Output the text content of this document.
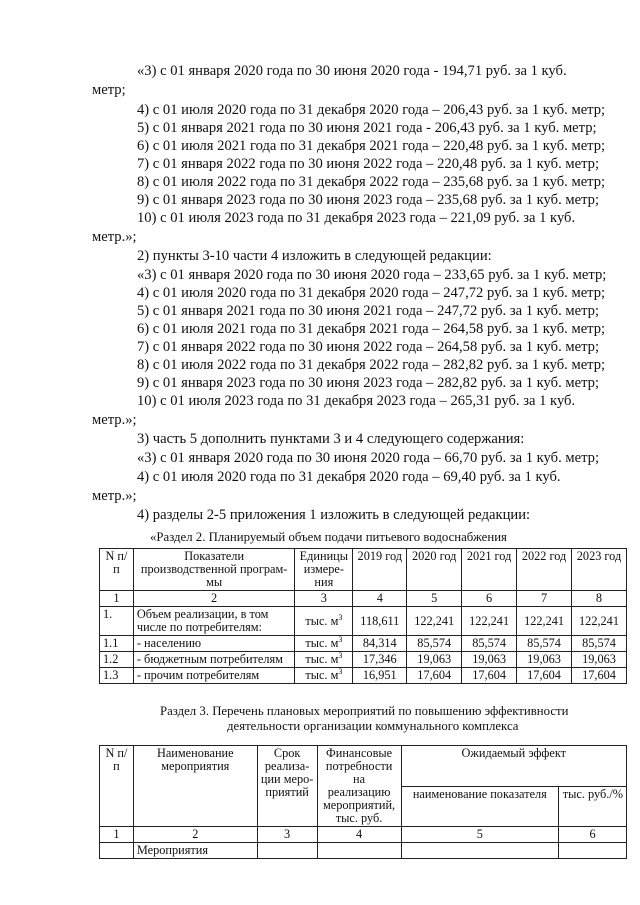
«3) с 01 января 2020 года по 30 июня 2020 года - 194,71 руб. за 1 куб.
метр;
4) с 01 июля 2020 года по 31 декабря 2020 года – 206,43 руб. за 1 куб. метр;
5) с 01 января 2021 года по 30 июня 2021 года - 206,43 руб. за 1 куб. метр;
6) с 01 июля 2021 года по 31 декабря 2021 года – 220,48 руб. за 1 куб. метр;
7) с 01 января 2022 года по 30 июня 2022 года – 220,48 руб. за 1 куб. метр;
8) с 01 июля 2022 года по 31 декабря 2022 года – 235,68 руб. за 1 куб. метр;
9) с 01 января 2023 года по 30 июня 2023 года – 235,68 руб. за 1 куб. метр;
10) с 01 июля 2023 года по 31 декабря 2023 года – 221,09 руб. за 1 куб.
метр.»;
2) пункты 3-10 части 4 изложить в следующей редакции:
«3) с 01 января 2020 года по 30 июня 2020 года – 233,65 руб. за 1 куб. метр;
4) с 01 июля 2020 года по 31 декабря 2020 года – 247,72 руб. за 1 куб. метр;
5) с 01 января 2021 года по 30 июня 2021 года – 247,72 руб. за 1 куб. метр;
6) с 01 июля 2021 года по 31 декабря 2021 года – 264,58 руб. за 1 куб. метр;
7) с 01 января 2022 года по 30 июня 2022 года – 264,58 руб. за 1 куб. метр;
8) с 01 июля 2022 года по 31 декабря 2022 года – 282,82 руб. за 1 куб. метр;
9) с 01 января 2023 года по 30 июня 2023 года – 282,82 руб. за 1 куб. метр;
10) с 01 июля 2023 года по 31 декабря 2023 года – 265,31 руб. за 1 куб.
метр.»;
3) часть 5 дополнить пунктами 3 и 4 следующего содержания:
«3) с 01 января 2020 года по 30 июня 2020 года – 66,70 руб. за 1 куб. метр;
4) с 01 июля 2020 года по 31 декабря 2020 года – 69,40 руб. за 1 куб.
метр.»;
4) разделы 2-5 приложения 1 изложить в следующей редакции:
«Раздел 2. Планируемый объем подачи питьевого водоснабжения
N п/п	Показатели производственной програм-мы	Единицы измере-ния	2019 год	2020 год	2021 год	2022 год	2023 год
1	2	3	4	5	6	7	8
1.	Объем реализации, в том числе по потребителям:	тыс. $м^3$	118,611	122,241	122,241	122,241	122,241
1.1	- населению	тыс. $м^3$	84,314	85,574	85,574	85,574	85,574
1.2	- бюджетным потребителям	тыс. $м^3$	17,346	19,063	19,063	19,063	19,063
1.3	- прочим потребителям	тыс. $м^3$	16,951	17,604	17,604	17,604	17,604
Раздел 3. Перечень плановых мероприятий по повышению эффективности
деятельности организации коммунального комплекса
N п/п	Наименование мероприятия	Срок реализа-ции меро-приятий	Финансовые потребности на реализацию мероприятий, тыс. руб.	Ожидаемый эффект	
				наименование показателя	тыс. руб./%
1	2	3	4	5	6
	Мероприятия				
